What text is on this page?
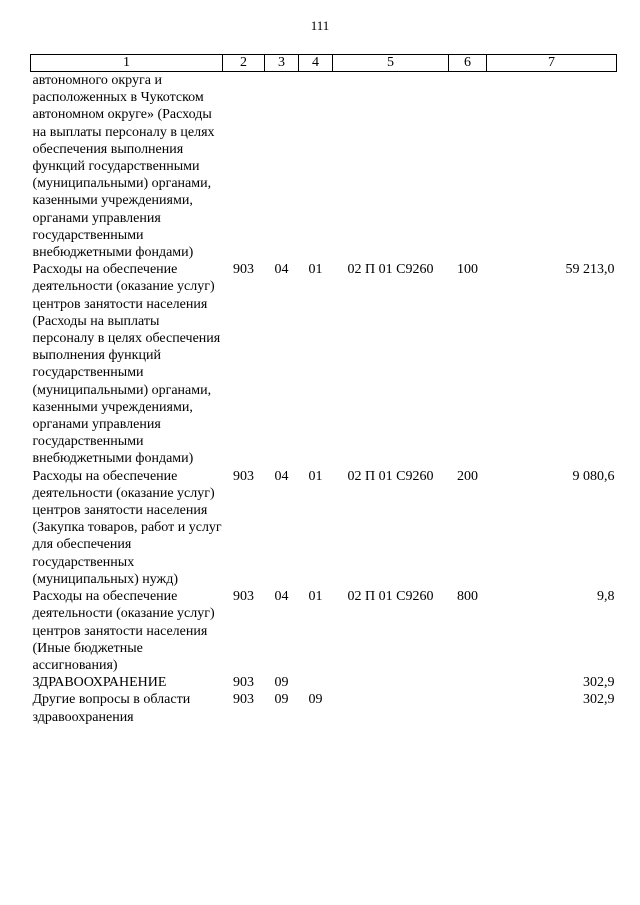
111
1	2	3	4	5	6	7
автономного округа и расположенных в Чукотском автономном округе» (Расходы на выплаты персоналу в целях обеспечения выполнения функций государственными (муниципальными) органами, казенными учреждениями, органами управления государственными внебюджетными фондами)						
Расходы на обеспечение деятельности (оказание услуг) центров занятости населения (Расходы на выплаты персоналу в целях обеспечения выполнения функций государственными (муниципальными) органами, казенными учреждениями, органами управления государственными внебюджетными фондами)	903	04	01	02 П 01 С9260	100	59 213,0
Расходы на обеспечение деятельности (оказание услуг) центров занятости населения (Закупка товаров, работ и услуг для обеспечения государственных (муниципальных) нужд)	903	04	01	02 П 01 С9260	200	9 080,6
Расходы на обеспечение деятельности (оказание услуг) центров занятости населения (Иные бюджетные ассигнования)	903	04	01	02 П 01 С9260	800	9,8
ЗДРАВООХРАНЕНИЕ	903	09				302,9
Другие вопросы в области здравоохранения	903	09	09			302,9
